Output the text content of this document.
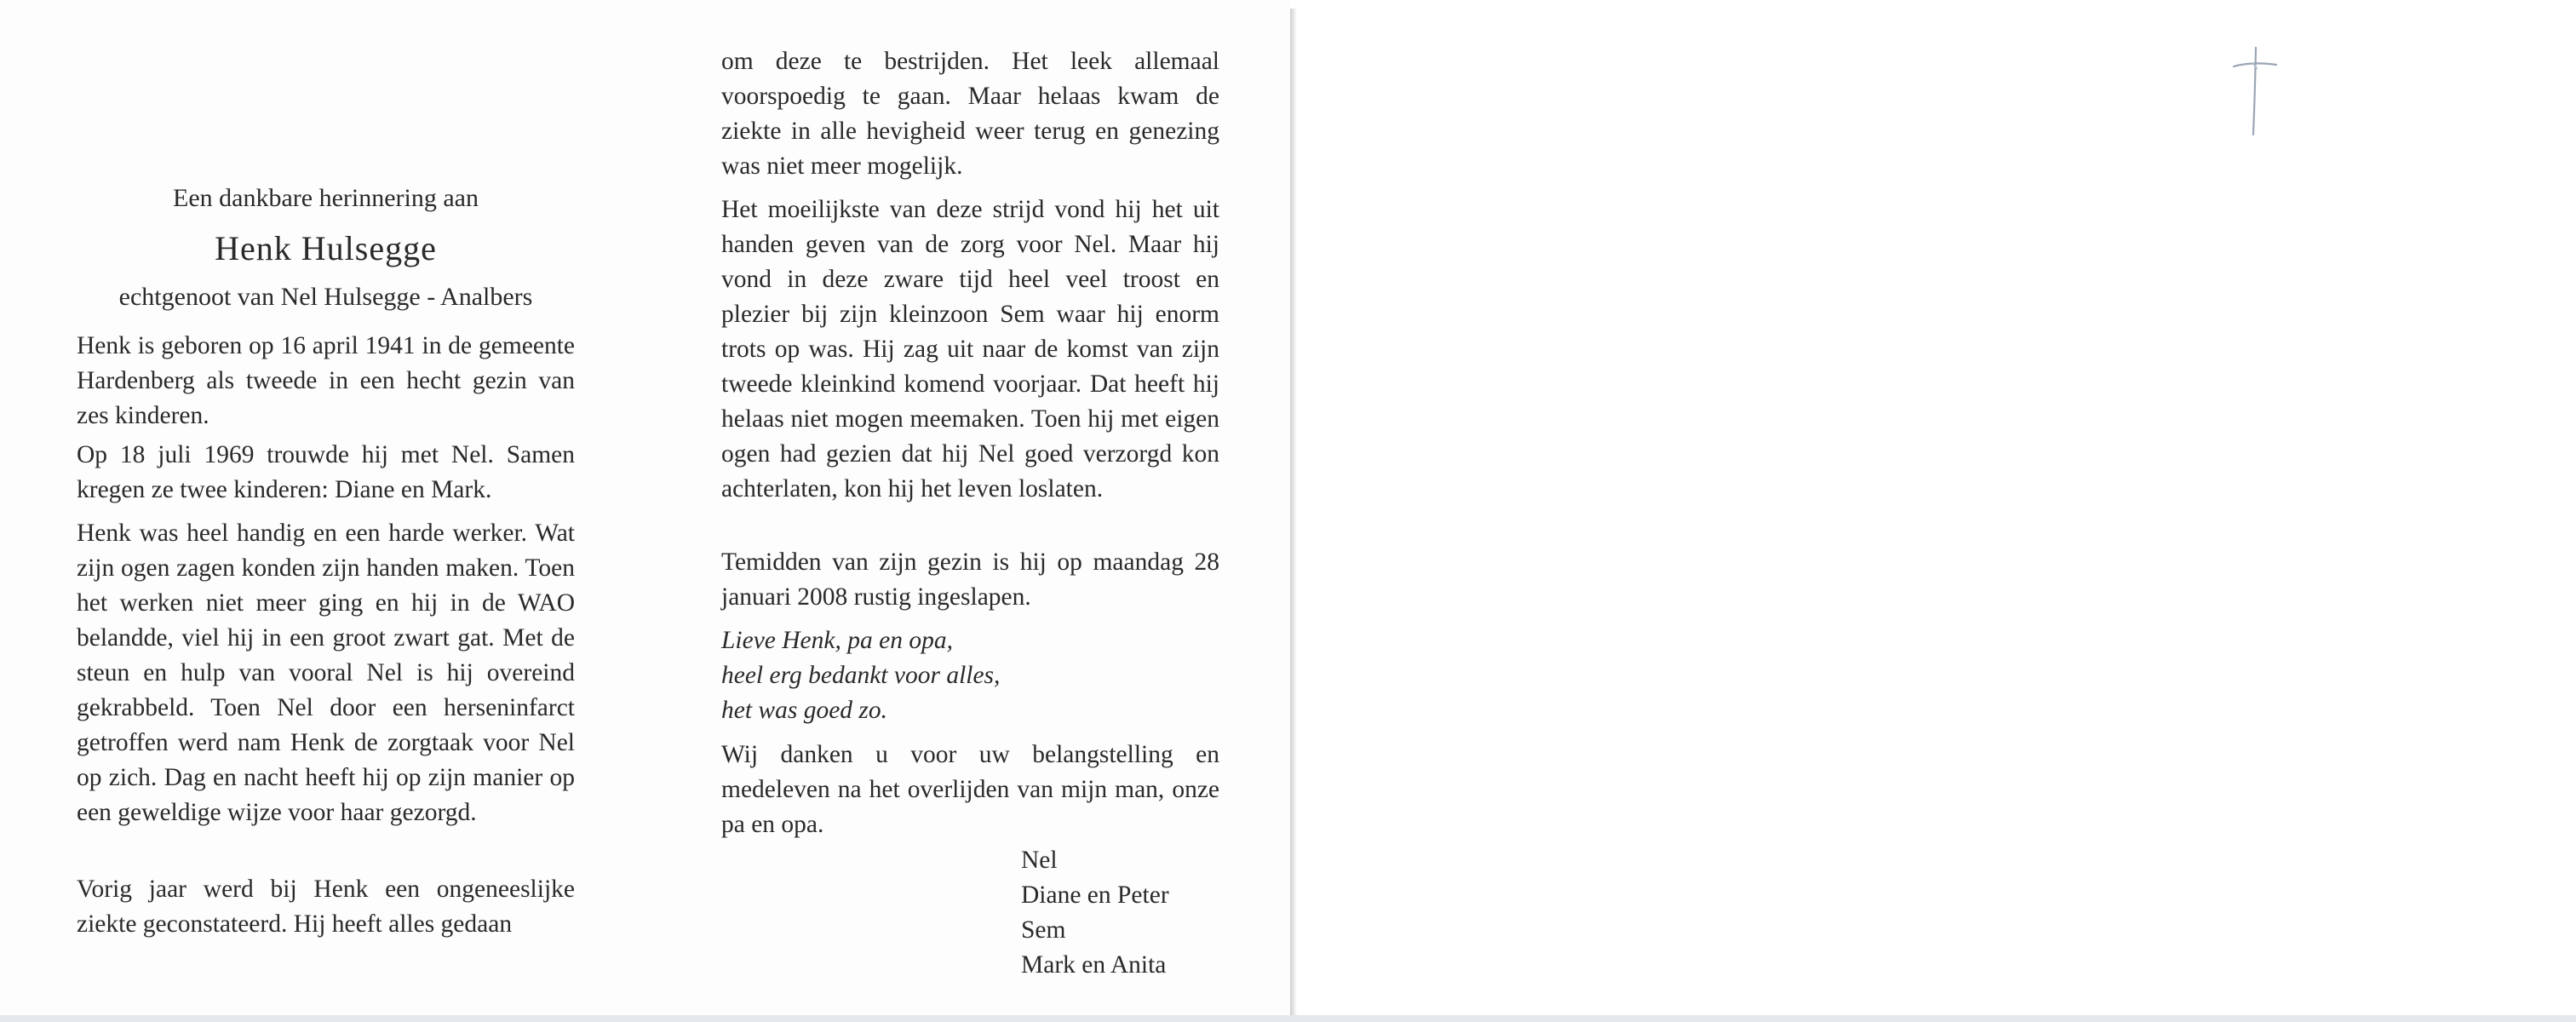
Een dankbare herinnering aan

Henk Hulsegge

echtgenoot van Nel Hulsegge - Analbers

Henk is geboren op 16 april 1941 in de gemeente Hardenberg als tweede in een hecht gezin van zes kinderen.

Op 18 juli 1969 trouwde hij met Nel. Samen kregen ze twee kinderen: Diane en Mark.

Henk was heel handig en een harde werker. Wat zijn ogen zagen konden zijn handen maken. Toen het werken niet meer ging en hij in de WAO belandde, viel hij in een groot zwart gat. Met de steun en hulp van vooral Nel is hij overeind gekrabbeld. Toen Nel door een herseninfarct getroffen werd nam Henk de zorgtaak voor Nel op zich. Dag en nacht heeft hij op zijn manier op een geweldige wijze voor haar gezorgd.

Vorig jaar werd bij Henk een ongeneeslijke ziekte geconstateerd. Hij heeft alles gedaan

om deze te bestrijden. Het leek allemaal voorspoedig te gaan. Maar helaas kwam de ziekte in alle hevigheid weer terug en genezing was niet meer mogelijk.

Het moeilijkste van deze strijd vond hij het uit handen geven van de zorg voor Nel. Maar hij vond in deze zware tijd heel veel troost en plezier bij zijn kleinzoon Sem waar hij enorm trots op was. Hij zag uit naar de komst van zijn tweede kleinkind komend voorjaar. Dat heeft hij helaas niet mogen meemaken. Toen hij met eigen ogen had gezien dat hij Nel goed verzorgd kon achterlaten, kon hij het leven loslaten.

Temidden van zijn gezin is hij op maandag 28 januari 2008 rustig ingeslapen.

Lieve Henk, pa en opa,

heel erg bedankt voor alles,

het was goed zo.

Wij danken u voor uw belangstelling en medeleven na het overlijden van mijn man, onze pa en opa.

Nel

Diane en Peter

Sem

Mark en Anita
